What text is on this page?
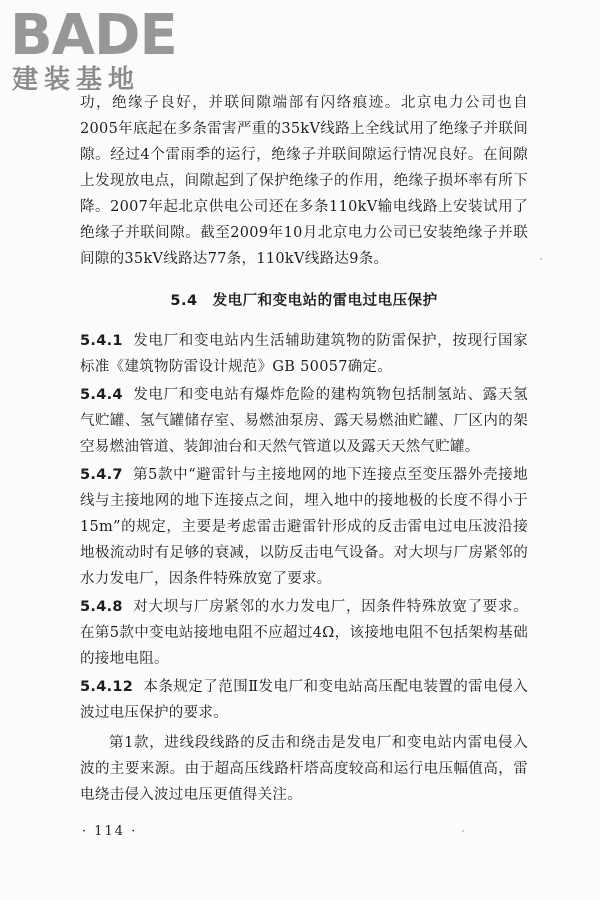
BADE
建装基地

功，绝缘子良好，并联间隙端部有闪络痕迹。北京电力公司也自2005年底起在多条雷害严重的35kV线路上全线试用了绝缘子并联间隙。经过4个雷雨季的运行，绝缘子并联间隙运行情况良好。在间隙上发现放电点，间隙起到了保护绝缘子的作用，绝缘子损坏率有所下降。2007年起北京供电公司还在多条110kV输电线路上安装试用了绝缘子并联间隙。截至2009年10月北京电力公司已安装绝缘子并联间隙的35kV线路达77条，110kV线路达9条。

5.4　发电厂和变电站的雷电过电压保护

5.4.1 发电厂和变电站内生活辅助建筑物的防雷保护，按现行国家标准《建筑物防雷设计规范》GB 50057确定。

5.4.4 发电厂和变电站有爆炸危险的建构筑物包括制氢站、露天氢气贮罐、氢气罐储存室、易燃油泵房、露天易燃油贮罐、厂区内的架空易燃油管道、装卸油台和天然气管道以及露天天然气贮罐。

5.4.7 第5款中“避雷针与主接地网的地下连接点至变压器外壳接地线与主接地网的地下连接点之间，埋入地中的接地极的长度不得小于15m”的规定，主要是考虑雷击避雷针形成的反击雷电过电压波沿接地极流动时有足够的衰减，以防反击电气设备。对大坝与厂房紧邻的水力发电厂，因条件特殊放宽了要求。

5.4.8 对大坝与厂房紧邻的水力发电厂，因条件特殊放宽了要求。在第5款中变电站接地电阻不应超过4Ω，该接地电阻不包括架构基础的接地电阻。

5.4.12 本条规定了范围Ⅱ发电厂和变电站高压配电装置的雷电侵入波过电压保护的要求。

第1款，进线段线路的反击和绕击是发电厂和变电站内雷电侵入波的主要来源。由于超高压线路杆塔高度较高和运行电压幅值高，雷电绕击侵入波过电压更值得关注。

· 114 ·
